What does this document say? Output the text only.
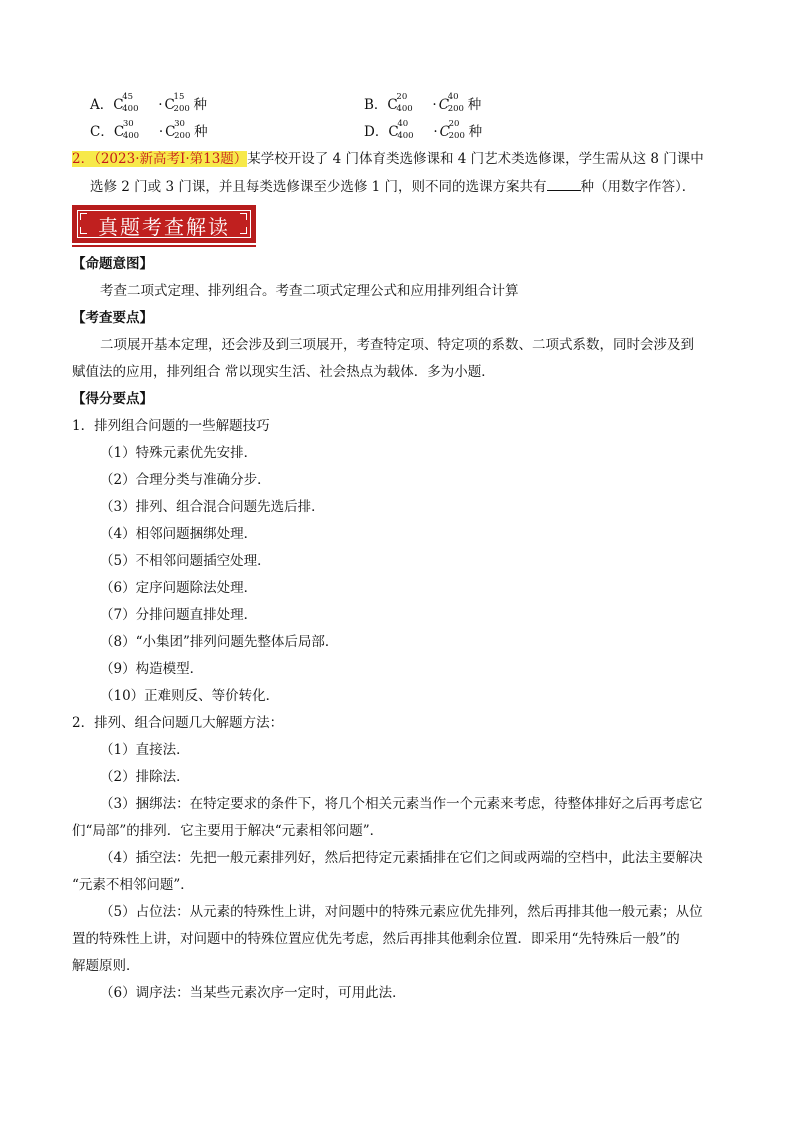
A．C
45
400 · C
15
200 种	B．C
20
400 · C
40
200 种
C．C
30
400 · C
30
200 种	D．C
40
400 · C
20
200 种
2．（2023·新高考Ⅰ·第13题）某学校开设了 4 门体育类选修课和 4 门艺术类选修课，学生需从这 8 门课中
选修 2 门或 3 门课，并且每类选修课至少选修 1 门，则不同的选课方案共有	种（用数字作答）．
真题考查解读
【命题意图】
考查二项式定理、排列组合。考查二项式定理公式和应用排列组合计算
【考查要点】
二项展开基本定理，还会涉及到三项展开，考查特定项、特定项的系数、二项式系数，同时会涉及到
赋值法的应用，排列组合 常以现实生活、社会热点为载体．多为小题．
【得分要点】
1．排列组合问题的一些解题技巧
（1）特殊元素优先安排．
（2）合理分类与准确分步．
（3）排列、组合混合问题先选后排．
（4）相邻问题捆绑处理．
（5）不相邻问题插空处理．
（6）定序问题除法处理．
（7）分排问题直排处理．
（8）“小集团”排列问题先整体后局部．
（9）构造模型．
（10）正难则反、等价转化．
2．排列、组合问题几大解题方法：
（1）直接法．
（2）排除法．
（3）捆绑法：在特定要求的条件下，将几个相关元素当作一个元素来考虑，待整体排好之后再考虑它
们“局部”的排列．它主要用于解决“元素相邻问题”．
（4）插空法：先把一般元素排列好，然后把待定元素插排在它们之间或两端的空档中，此法主要解决
“元素不相邻问题”．
（5）占位法：从元素的特殊性上讲，对问题中的特殊元素应优先排列，然后再排其他一般元素；从位
置的特殊性上讲，对问题中的特殊位置应优先考虑，然后再排其他剩余位置．即采用“先特殊后一般”的
解题原则．
（6）调序法：当某些元素次序一定时，可用此法．
